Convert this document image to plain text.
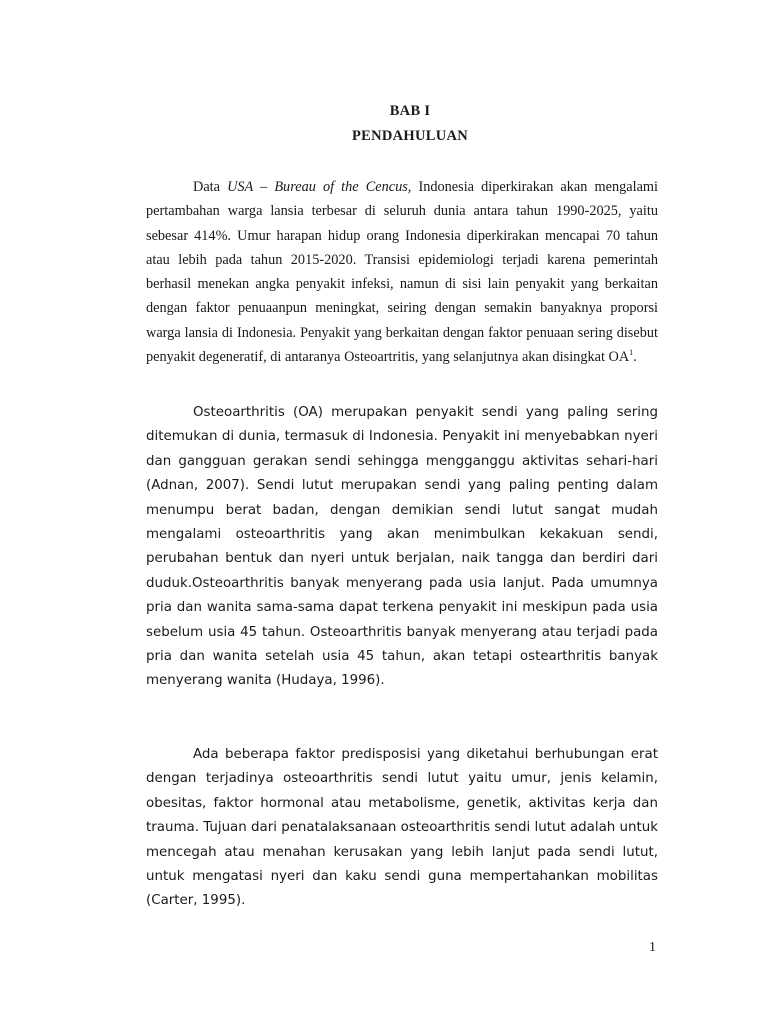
BAB I
PENDAHULUAN

Data USA – Bureau of the Cencus, Indonesia diperkirakan akan mengalami pertambahan warga lansia terbesar di seluruh dunia antara tahun 1990-2025, yaitu sebesar 414%. Umur harapan hidup orang Indonesia diperkirakan mencapai 70 tahun atau lebih pada tahun 2015-2020. Transisi epidemiologi terjadi karena pemerintah berhasil menekan angka penyakit infeksi, namun di sisi lain penyakit yang berkaitan dengan faktor penuaanpun meningkat, seiring dengan semakin banyaknya proporsi warga lansia di Indonesia. Penyakit yang berkaitan dengan faktor penuaan sering disebut penyakit degeneratif, di antaranya Osteoartritis, yang selanjutnya akan disingkat $OA^1$.

Osteoarthritis (OA) merupakan penyakit sendi yang paling sering ditemukan di dunia, termasuk di Indonesia. Penyakit ini menyebabkan nyeri dan gangguan gerakan sendi sehingga mengganggu aktivitas sehari-hari (Adnan, 2007). Sendi lutut merupakan sendi yang paling penting dalam menumpu berat badan, dengan demikian sendi lutut sangat mudah mengalami osteoarthritis yang akan menimbulkan kekakuan sendi, perubahan bentuk dan nyeri untuk berjalan, naik tangga dan berdiri dari duduk.Osteoarthritis banyak menyerang pada usia lanjut. Pada umumnya pria dan wanita sama-sama dapat terkena penyakit ini meskipun pada usia sebelum usia 45 tahun. Osteoarthritis banyak menyerang atau terjadi pada pria dan wanita setelah usia 45 tahun, akan tetapi ostearthritis banyak menyerang wanita (Hudaya, 1996).

Ada beberapa faktor predisposisi yang diketahui berhubungan erat dengan terjadinya osteoarthritis sendi lutut yaitu umur, jenis kelamin, obesitas, faktor hormonal atau metabolisme, genetik, aktivitas kerja dan trauma. Tujuan dari penatalaksanaan osteoarthritis sendi lutut adalah untuk mencegah atau menahan kerusakan yang lebih lanjut pada sendi lutut, untuk mengatasi nyeri dan kaku sendi guna mempertahankan mobilitas (Carter, 1995).

1
